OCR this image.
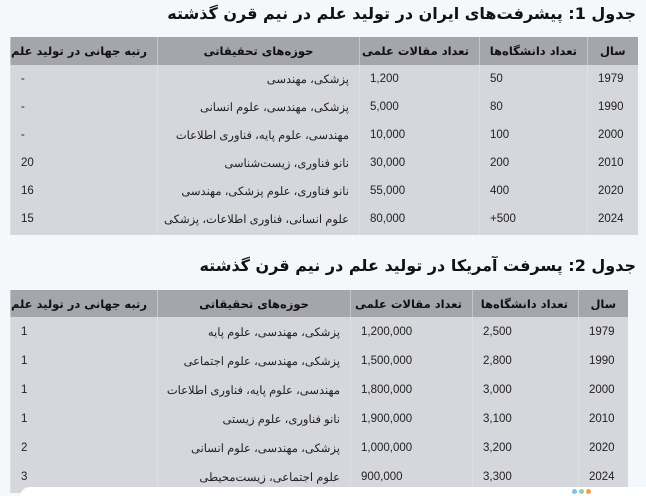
جدول 1: پیشرفت‌های ایران در تولید علم در نیم قرن گذشته
سال	تعداد دانشگاه‌ها	تعداد مقالات علمی	حوزه‌های تحقیقاتی	رتبه جهانی در تولید علم
1979	50	1,200	پزشکی، مهندسی	-
1990	80	5,000	پزشکی، مهندسی، علوم انسانی	-
2000	100	10,000	مهندسی، علوم پایه، فناوری اطلاعات	-
2010	200	30,000	نانو فناوری، زیست‌شناسی	20
2020	400	55,000	نانو فناوری، علوم پزشکی، مهندسی	16
2024	500+	80,000	علوم انسانی، فناوری اطلاعات، پزشکی	15
جدول 2: پسرفت آمریکا در تولید علم در نیم قرن گذشته
سال	تعداد دانشگاه‌ها	تعداد مقالات علمی	حوزه‌های تحقیقاتی	رتبه جهانی در تولید علم
1979	2,500	1,200,000	پزشکی، مهندسی، علوم پایه	1
1990	2,800	1,500,000	پزشکی، مهندسی، علوم اجتماعی	1
2000	3,000	1,800,000	مهندسی، علوم پایه، فناوری اطلاعات	1
2010	3,100	1,900,000	نانو فناوری، علوم زیستی	1
2020	3,200	1,000,000	پزشکی، مهندسی، علوم انسانی	2
2024	3,300	900,000	علوم اجتماعی، زیست‌محیطی	3
